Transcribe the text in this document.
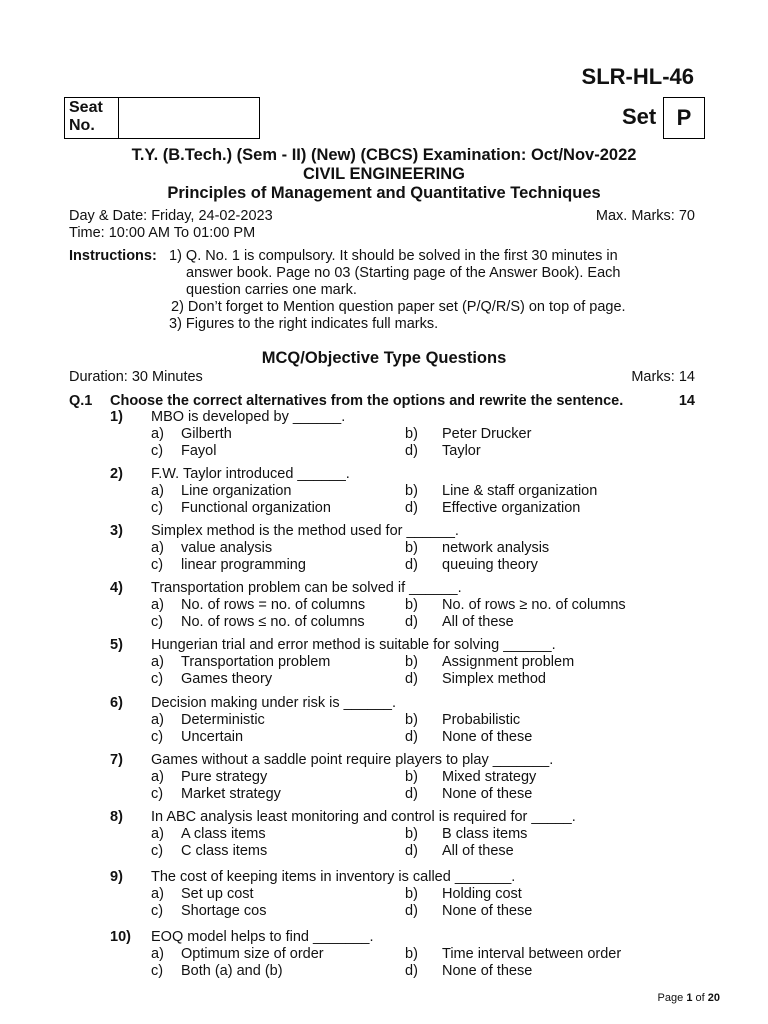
SLR-HL-46
Seat No.	Set P
T.Y. (B.Tech.) (Sem - II) (New) (CBCS) Examination: Oct/Nov-2022
CIVIL ENGINEERING
Principles of Management and Quantitative Techniques
Day & Date: Friday, 24-02-2023
Time: 10:00 AM To 01:00 PM
Max. Marks: 70
Instructions: 1) Q. No. 1 is compulsory. It should be solved in the first 30 minutes in
answer book. Page no 03 (Starting page of the Answer Book). Each
question carries one mark.
2) Don’t forget to Mention question paper set (P/Q/R/S) on top of page.
3) Figures to the right indicates full marks.
MCQ/Objective Type Questions
Duration: 30 Minutes	Marks: 14
Q.1 Choose the correct alternatives from the options and rewrite the sentence.	14
1) MBO is developed by ______.
a) Gilberth	b) Peter Drucker
c) Fayol	d) Taylor
2) F.W. Taylor introduced ______.
a) Line organization	b) Line & staff organization
c) Functional organization	d) Effective organization
3) Simplex method is the method used for ______.
a) value analysis	b) network analysis
c) linear programming	d) queuing theory
4) Transportation problem can be solved if ______.
a) No. of rows = no. of columns	b) No. of rows ≥ no. of columns
c) No. of rows ≤ no. of columns	d) All of these
5) Hungerian trial and error method is suitable for solving ______.
a) Transportation problem	b) Assignment problem
c) Games theory	d) Simplex method
6) Decision making under risk is ______.
a) Deterministic	b) Probabilistic
c) Uncertain	d) None of these
7) Games without a saddle point require players to play _______.
a) Pure strategy	b) Mixed strategy
c) Market strategy	d) None of these
8) In ABC analysis least monitoring and control is required for _____.
a) A class items	b) B class items
c) C class items	d) All of these
9) The cost of keeping items in inventory is called _______.
a) Set up cost	b) Holding cost
c) Shortage cos	d) None of these
10) EOQ model helps to find _______.
a) Optimum size of order	b) Time interval between order
c) Both (a) and (b)	d) None of these
Page 1 of 20
